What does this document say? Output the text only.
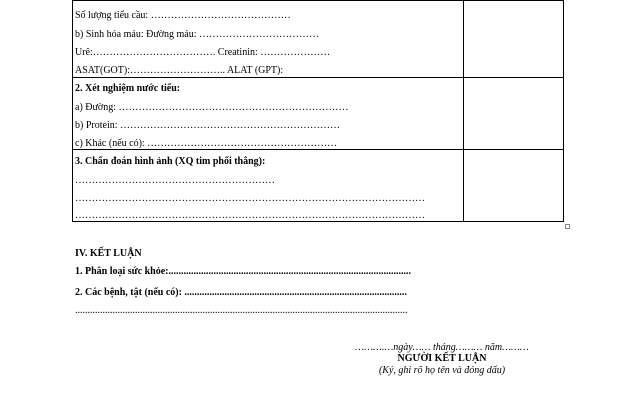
Số lượng tiểu cầu: ……………………………………
b) Sinh hóa máu: Đường máu: ………………………………
Urê:………………………………. Creatinin: …………………
ASAT(GOT):……………………….. ALAT (GPT):
2. Xét nghiệm nước tiểu:
a) Đường: ……………………………………………………………
b) Protein: …………………………………………………………
c) Khác (nếu có): …………………………………………………
3. Chẩn đoán hình ảnh (XQ tim phổi thẳng):
……………………………………………………
……………………………………………………………………………………………
……………………………………………………………………………………………
IV. KẾT LUẬN
1. Phân loại sức khỏe:.................................................................................................
2. Các bệnh, tật (nếu có): .........................................................................................
.....................................................................................................................................
……….…ngày…… tháng……… năm………
NGƯỜI KẾT LUẬN
(Ký, ghi rõ họ tên và đóng dấu)
